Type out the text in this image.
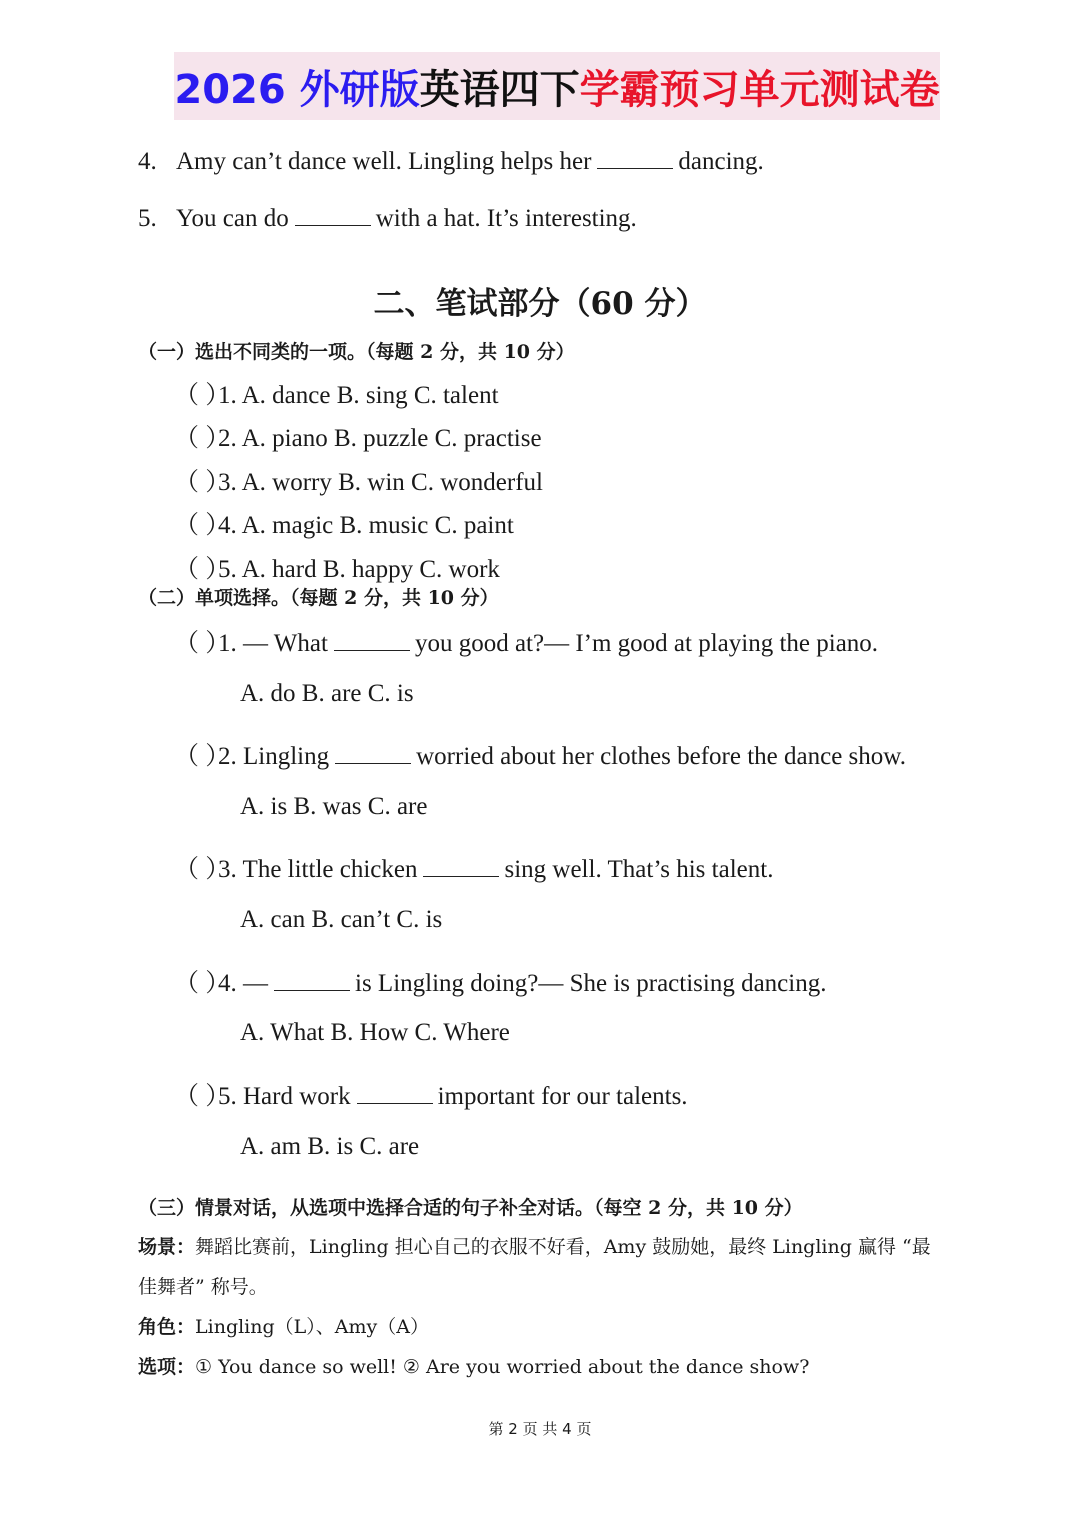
2026 外研版 英语四下 学霸预习单元测试卷
4. Amy can’t dance well. Lingling helps her	dancing.
5. You can do	with a hat. It’s interesting.
二、笔试部分（60 分）
（一）选出不同类的一项。（每题 2 分，共 10 分）
（ ）1. A. dance B. sing C. talent
（ ）2. A. piano B. puzzle C. practise
（ ）3. A. worry B. win C. wonderful
（ ）4. A. magic B. music C. paint
（ ）5. A. hard B. happy C. work
（二）单项选择。（每题 2 分，共 10 分）
（ ）1. — What	you good at?— I’m good at playing the piano.
A. do B. are C. is
（ ）2. Lingling	worried about her clothes before the dance show.
A. is B. was C. are
（ ）3. The little chicken	sing well. That’s his talent.
A. can B. can’t C. is
（ ）4. —	is Lingling doing?— She is practising dancing.
A. What B. How C. Where
（ ）5. Hard work	important for our talents.
A. am B. is C. are
（三）情景对话，从选项中选择合适的句子补全对话。（每空 2 分，共 10 分）
场景：舞蹈比赛前，Lingling 担心自己的衣服不好看，Amy 鼓励她，最终 Lingling 赢得 “最
佳舞者” 称号。
角色：Lingling（L）、Amy（A）
选项：① You dance so well! ② Are you worried about the dance show?
第 2 页 共 4 页
